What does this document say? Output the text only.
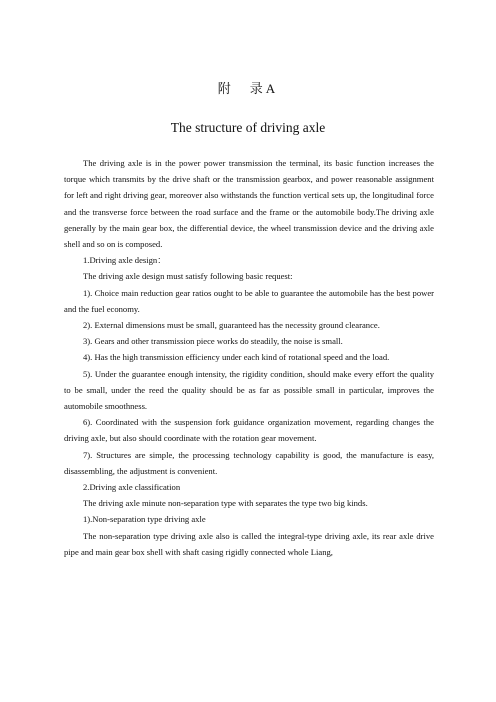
附　录A
The structure of driving axle

The driving axle is in the power power transmission the terminal, its basic function increases the torque which transmits by the drive shaft or the transmission gearbox, and power reasonable assignment for left and right driving gear, moreover also withstands the function vertical sets up, the longitudinal force and the transverse force between the road surface and the frame or the automobile body.The driving axle generally by the main gear box, the differential device, the wheel transmission device and the driving axle shell and so on is composed.

1.Driving axle design：

The driving axle design must satisfy following basic request:

1). Choice main reduction gear ratios ought to be able to guarantee the automobile has the best power and the fuel economy.

2). External dimensions must be small, guaranteed has the necessity ground clearance.

3). Gears and other transmission piece works do steadily, the noise is small.

4). Has the high transmission efficiency under each kind of rotational speed and the load.

5). Under the guarantee enough intensity, the rigidity condition, should make every effort the quality to be small, under the reed the quality should be as far as possible small in particular, improves the automobile smoothness.

6). Coordinated with the suspension fork guidance organization movement, regarding changes the driving axle, but also should coordinate with the rotation gear movement.

7). Structures are simple, the processing technology capability is good, the manufacture is easy, disassembling, the adjustment is convenient.

2.Driving axle classification

The driving axle minute non-separation type with separates the type two big kinds.

1).Non-separation type driving axle

The non-separation type driving axle also is called the integral-type driving axle, its rear axle drive pipe and main gear box shell with shaft casing rigidly connected whole Liang,
